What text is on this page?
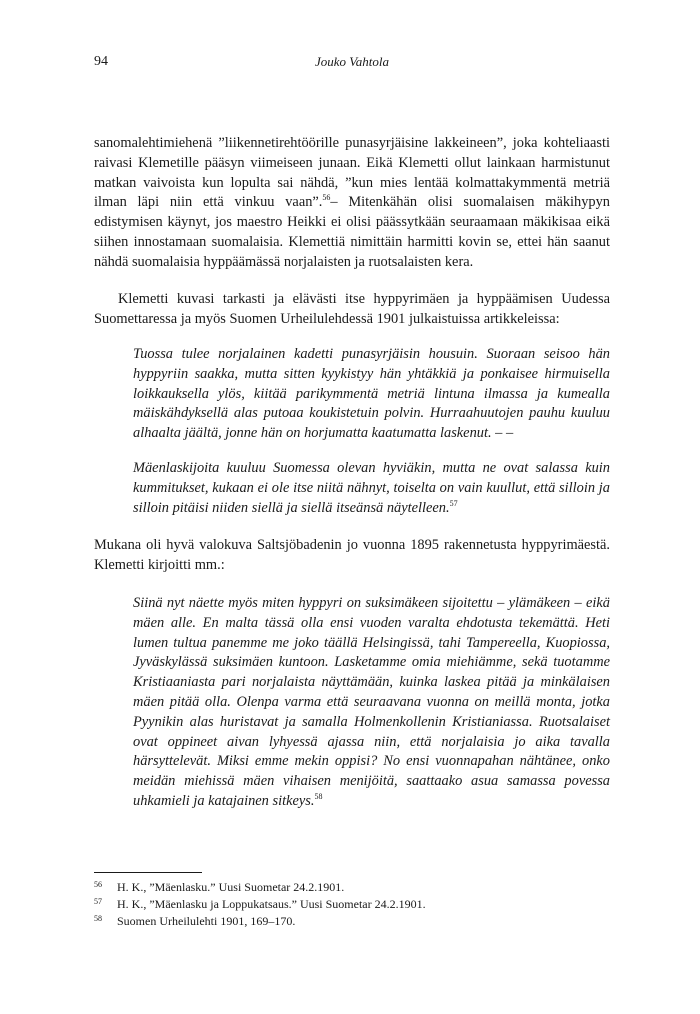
94	Jouko Vahtola

sanomalehtimiehenä ”liikennetirehtöörille punasyrjäisine lakkeineen”, joka kohteliaasti raivasi Klemetille pääsyn viimeiseen junaan. Eikä Klemetti ollut lainkaan harmistunut matkan vaivoista kun lopulta sai nähdä, ”kun mies lentää kolmattakymmentä metriä ilman läpi niin että vinkuu vaan”.$^{56}$– Mitenkähän olisi suomalaisen mäkihypyn edistymisen käynyt, jos maestro Heikki ei olisi päässytkään seuraamaan mäkikisaa eikä siihen innostamaan suomalaisia. Klemettiä nimittäin harmitti kovin se, ettei hän saanut nähdä suomalaisia hyppäämässä norjalaisten ja ruotsalaisten kera.

Klemetti kuvasi tarkasti ja elävästi itse hyppyrimäen ja hyppäämisen Uudessa Suomettaressa ja myös Suomen Urheilulehdessä 1901 julkaistuissa artikkeleissa:

Tuossa tulee norjalainen kadetti punasyrjäisin housuin. Suoraan seisoo hän hyppyriin saakka, mutta sitten kyykistyy hän yhtäkkiä ja ponkaisee hirmuisella loikkauksella ylös, kiitää parikymmentä metriä lintuna ilmassa ja kumealla mäiskähdyksellä alas putoaa koukistetuin polvin. Hurraahuutojen pauhu kuuluu alhaalta jäältä, jonne hän on horjumatta kaatumatta laskenut. – –

Mäenlaskijoita kuuluu Suomessa olevan hyviäkin, mutta ne ovat salassa kuin kummitukset, kukaan ei ole itse niitä nähnyt, toiselta on vain kuullut, että silloin ja silloin pitäisi niiden siellä ja siellä itseänsä näytelleen.$^{57}$

Mukana oli hyvä valokuva Saltsjöbadenin jo vuonna 1895 rakennetusta hyppyrimäestä. Klemetti kirjoitti mm.:

Siinä nyt näette myös miten hyppyri on suksimäkeen sijoitettu – ylämäkeen – eikä mäen alle. En malta tässä olla ensi vuoden varalta ehdotusta tekemättä. Heti lumen tultua panemme me joko täällä Helsingissä, tahi Tampereella, Kuopiossa, Jyväskylässä suksimäen kuntoon. Lasketamme omia miehiämme, sekä tuotamme Kristiaaniasta pari norjalaista näyttämään, kuinka laskea pitää ja minkälaisen mäen pitää olla. Olenpa varma että seuraavana vuonna on meillä monta, jotka Pyynikin alas huristavat ja samalla Holmenkollenin Kristianiassa. Ruotsalaiset ovat oppineet aivan lyhyessä ajassa niin, että norjalaisia jo aika tavalla härsyttelevät. Miksi emme mekin oppisi? No ensi vuonnapahan nähtänee, onko meidän miehissä mäen vihaisen menijöitä, saattaako asua samassa povessa uhkamieli ja katajainen sitkeys.$^{58}$

56 H. K., ”Mäenlasku.” Uusi Suometar 24.2.1901.
57 H. K., ”Mäenlasku ja Loppukatsaus.” Uusi Suometar 24.2.1901.
58 Suomen Urheilulehti 1901, 169–170.
